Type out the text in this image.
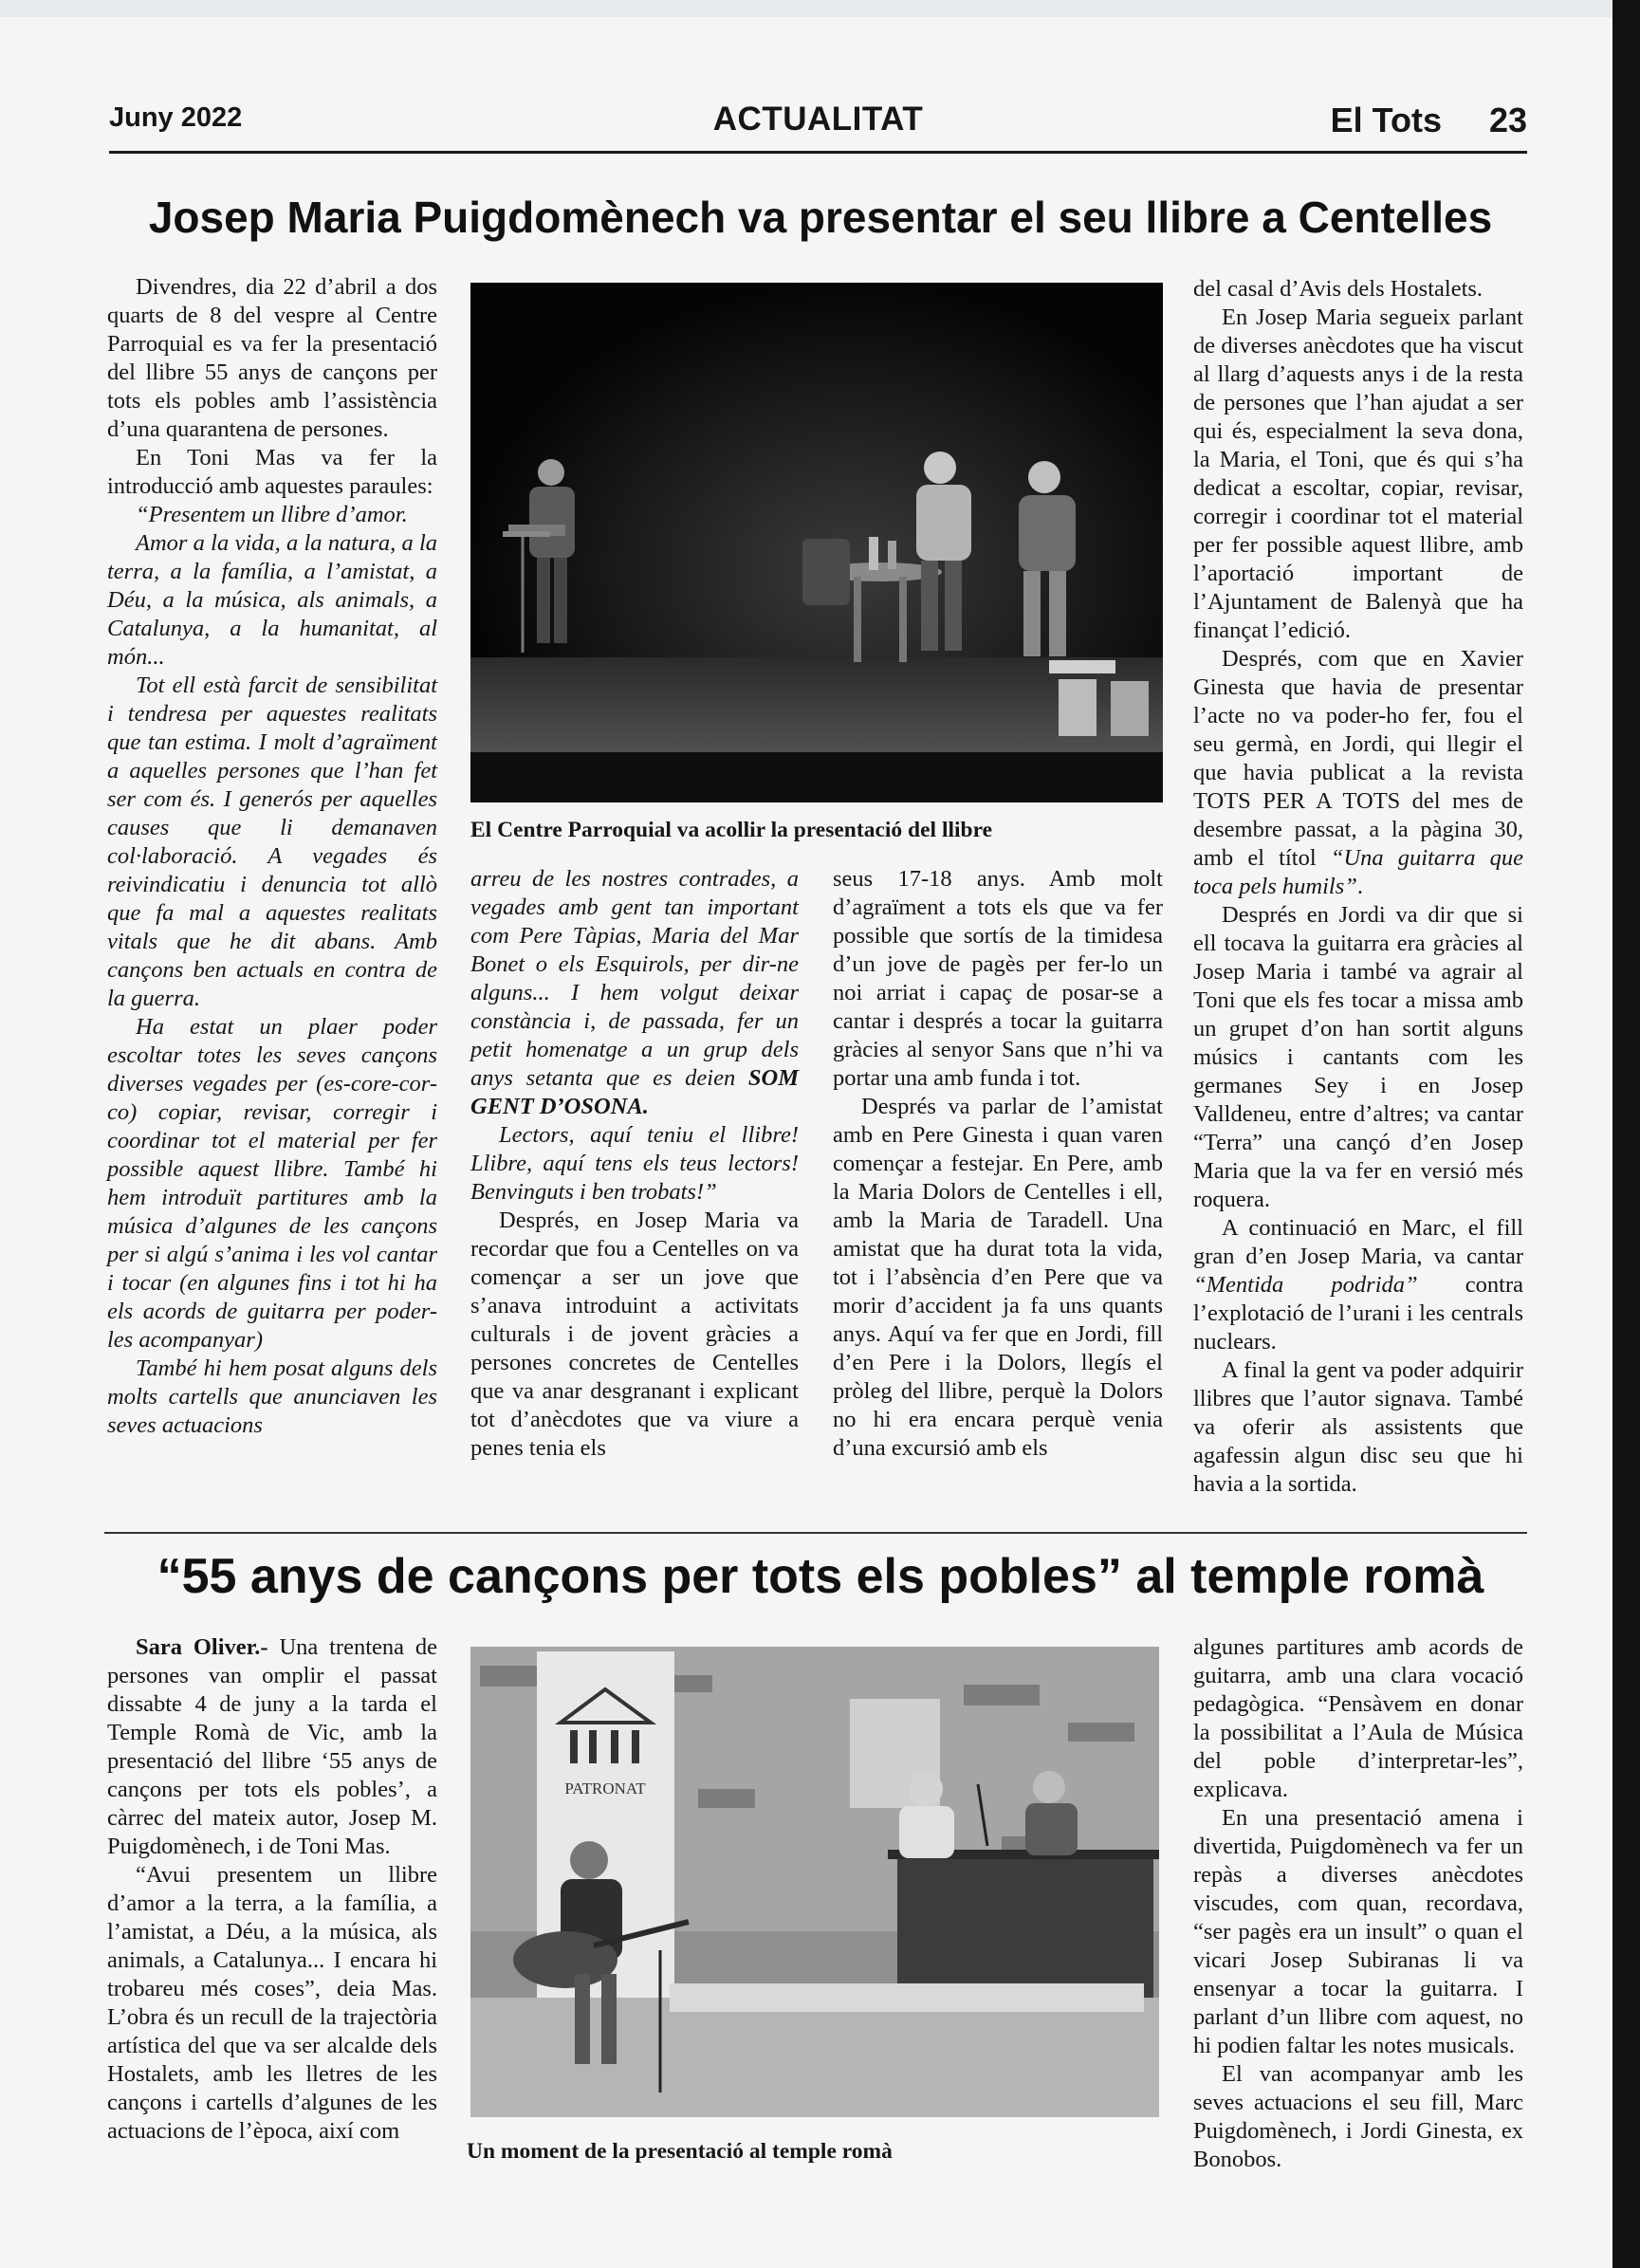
Juny 2022	ACTUALITAT	El Tots 23
Josep Maria Puigdomènech va presentar el seu llibre a Centelles

Divendres, dia 22 d’abril a dos quarts de 8 del vespre al Centre Parroquial es va fer la presentació del llibre 55 anys de cançons per tots els pobles amb l’assistència d’una quarantena de persones.

En Toni Mas va fer la introducció amb aquestes paraules:

“Presentem un llibre d’amor.

Amor a la vida, a la natura, a la terra, a la família, a l’amistat, a Déu, a la música, als animals, a Catalunya, a la humanitat, al món...

Tot ell està farcit de sensibilitat i tendresa per aquestes realitats que tan estima. I molt d’agraïment a aquelles persones que l’han fet ser com és. I generós per aquelles causes que li demanaven col·laboració. A vegades és reivindicatiu i denuncia tot allò que fa mal a aquestes realitats vitals que he dit abans. Amb cançons ben actuals en contra de la guerra.

Ha estat un plaer poder escoltar totes les seves cançons diverses vegades per (es-core-cor-co) copiar, revisar, corregir i coordinar tot el material per fer possible aquest llibre. També hi hem introduït partitures amb la música d’algunes de les cançons per si algú s’anima i les vol cantar i tocar (en algunes fins i tot hi ha els acords de guitarra per poder-les acompanyar)

També hi hem posat alguns dels molts cartells que anunciaven les seves actuacions

El Centre Parroquial va acollir la presentació del llibre

arreu de les nostres contrades, a vegades amb gent tan important com Pere Tàpias, Maria del Mar Bonet o els Esquirols, per dir-ne alguns... I hem volgut deixar constància i, de passada, fer un petit homenatge a un grup dels anys setanta que es deien SOM GENT D’OSONA.

Lectors, aquí teniu el llibre! Llibre, aquí tens els teus lectors! Benvinguts i ben trobats!”

Després, en Josep Maria va recordar que fou a Centelles on va començar a ser un jove que s’anava introduint a activitats culturals i de jovent gràcies a persones concretes de Centelles que va anar desgranant i explicant tot d’anècdotes que va viure a penes tenia els

seus 17-18 anys. Amb molt d’agraïment a tots els que va fer possible que sortís de la timidesa d’un jove de pagès per fer-lo un noi arriat i capaç de posar-se a cantar i després a tocar la guitarra gràcies al senyor Sans que n’hi va portar una amb funda i tot.

Després va parlar de l’amistat amb en Pere Ginesta i quan varen començar a festejar. En Pere, amb la Maria Dolors de Centelles i ell, amb la Maria de Taradell. Una amistat que ha durat tota la vida, tot i l’absència d’en Pere que va morir d’accident ja fa uns quants anys. Aquí va fer que en Jordi, fill d’en Pere i la Dolors, llegís el pròleg del llibre, perquè la Dolors no hi era encara perquè venia d’una excursió amb els

del casal d’Avis dels Hostalets.

En Josep Maria segueix parlant de diverses anècdotes que ha viscut al llarg d’aquests anys i de la resta de persones que l’han ajudat a ser qui és, especialment la seva dona, la Maria, el Toni, que és qui s’ha dedicat a escoltar, copiar, revisar, corregir i coordinar tot el material per fer possible aquest llibre, amb l’aportació important de l’Ajuntament de Balenyà que ha finançat l’edició.

Després, com que en Xavier Ginesta que havia de presentar l’acte no va poder-ho fer, fou el seu germà, en Jordi, qui llegir el que havia publicat a la revista TOTS PER A TOTS del mes de desembre passat, a la pàgina 30, amb el títol “Una guitarra que toca pels humils”.

Després en Jordi va dir que si ell tocava la guitarra era gràcies al Josep Maria i també va agrair al Toni que els fes tocar a missa amb un grupet d’on han sortit alguns músics i cantants com les germanes Sey i en Josep Valldeneu, entre d’altres; va cantar “Terra” una cançó d’en Josep Maria que la va fer en versió més roquera.

A continuació en Marc, el fill gran d’en Josep Maria, va cantar “Mentida podrida” contra l’explotació de l’urani i les centrals nuclears.

A final la gent va poder adquirir llibres que l’autor signava. També va oferir als assistents que agafessin algun disc seu que hi havia a la sortida.

“55 anys de cançons per tots els pobles” al temple romà

Sara Oliver.- Una trentena de persones van omplir el passat dissabte 4 de juny a la tarda el Temple Romà de Vic, amb la presentació del llibre ‘55 anys de cançons per tots els pobles’, a càrrec del mateix autor, Josep M. Puigdomènech, i de Toni Mas.

“Avui presentem un llibre d’amor a la terra, a la família, a l’amistat, a Déu, a la música, als animals, a Catalunya... I encara hi trobareu més coses”, deia Mas. L’obra és un recull de la trajectòria artística del que va ser alcalde dels Hostalets, amb les lletres de les cançons i cartells d’algunes de les actuacions de l’època, així com

PATRONAT
Un moment de la presentació al temple romà

algunes partitures amb acords de guitarra, amb una clara vocació pedagògica. “Pensàvem en donar la possibilitat a l’Aula de Música del poble d’interpretar-les”, explicava.

En una presentació amena i divertida, Puigdomènech va fer un repàs a diverses anècdotes viscudes, com quan, recordava, “ser pagès era un insult” o quan el vicari Josep Subiranas li va ensenyar a tocar la guitarra. I parlant d’un llibre com aquest, no hi podien faltar les notes musicals.

El van acompanyar amb les seves actuacions el seu fill, Marc Puigdomènech, i Jordi Ginesta, ex Bonobos.
